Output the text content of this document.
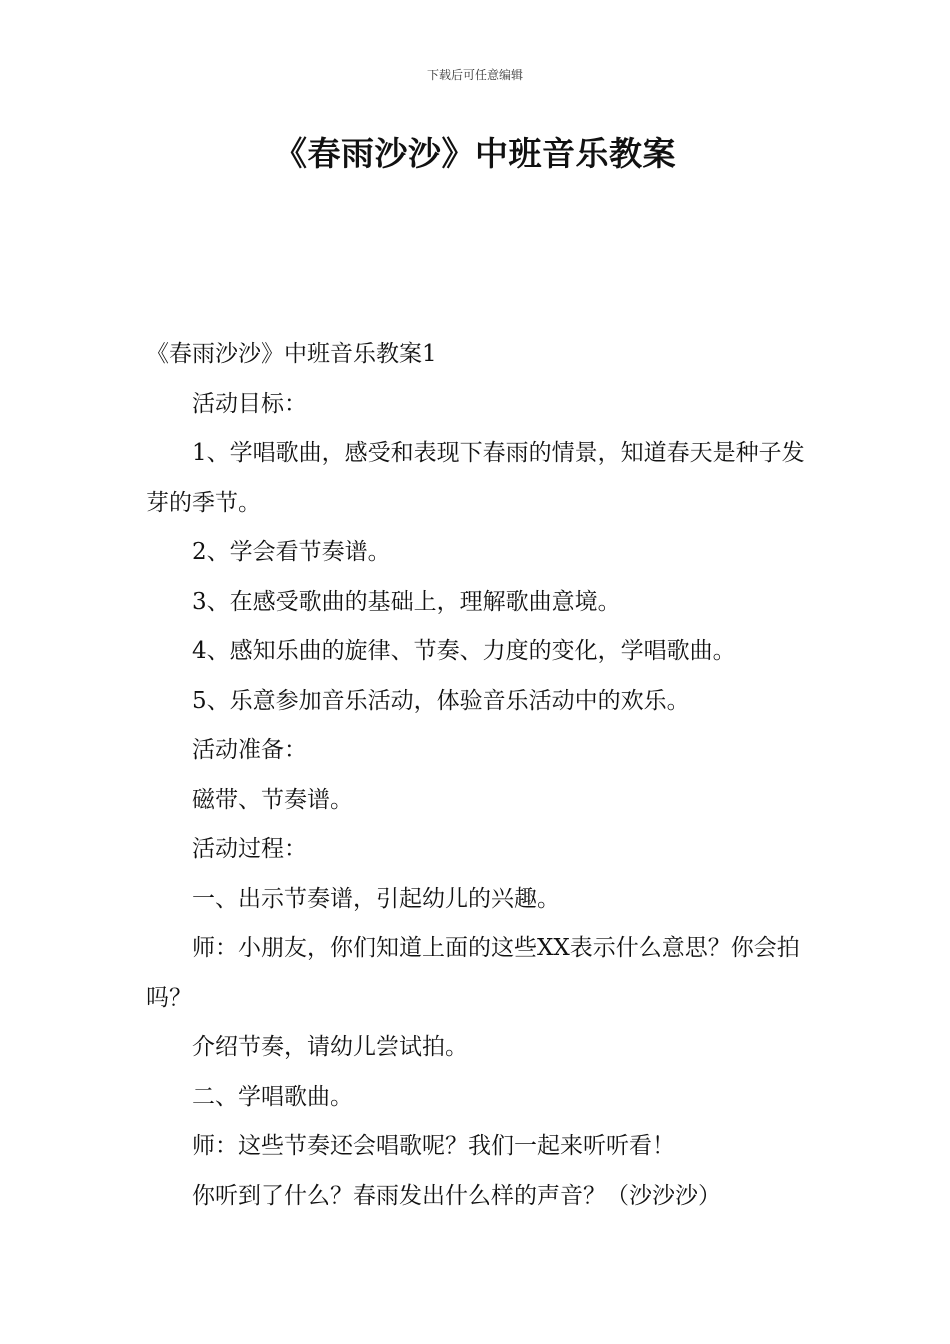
下载后可任意编辑
《春雨沙沙》中班音乐教案

《春雨沙沙》中班音乐教案1

活动目标：

1、学唱歌曲，感受和表现下春雨的情景，知道春天是种子发芽的季节。

2、学会看节奏谱。

3、在感受歌曲的基础上，理解歌曲意境。

4、感知乐曲的旋律、节奏、力度的变化，学唱歌曲。

5、乐意参加音乐活动，体验音乐活动中的欢乐。

活动准备：

磁带、节奏谱。

活动过程：

一、出示节奏谱，引起幼儿的兴趣。

师：小朋友，你们知道上面的这些XX表示什么意思？你会拍吗？

介绍节奏，请幼儿尝试拍。

二、学唱歌曲。

师：这些节奏还会唱歌呢？我们一起来听听看！

你听到了什么？春雨发出什么样的声音？（沙沙沙）
